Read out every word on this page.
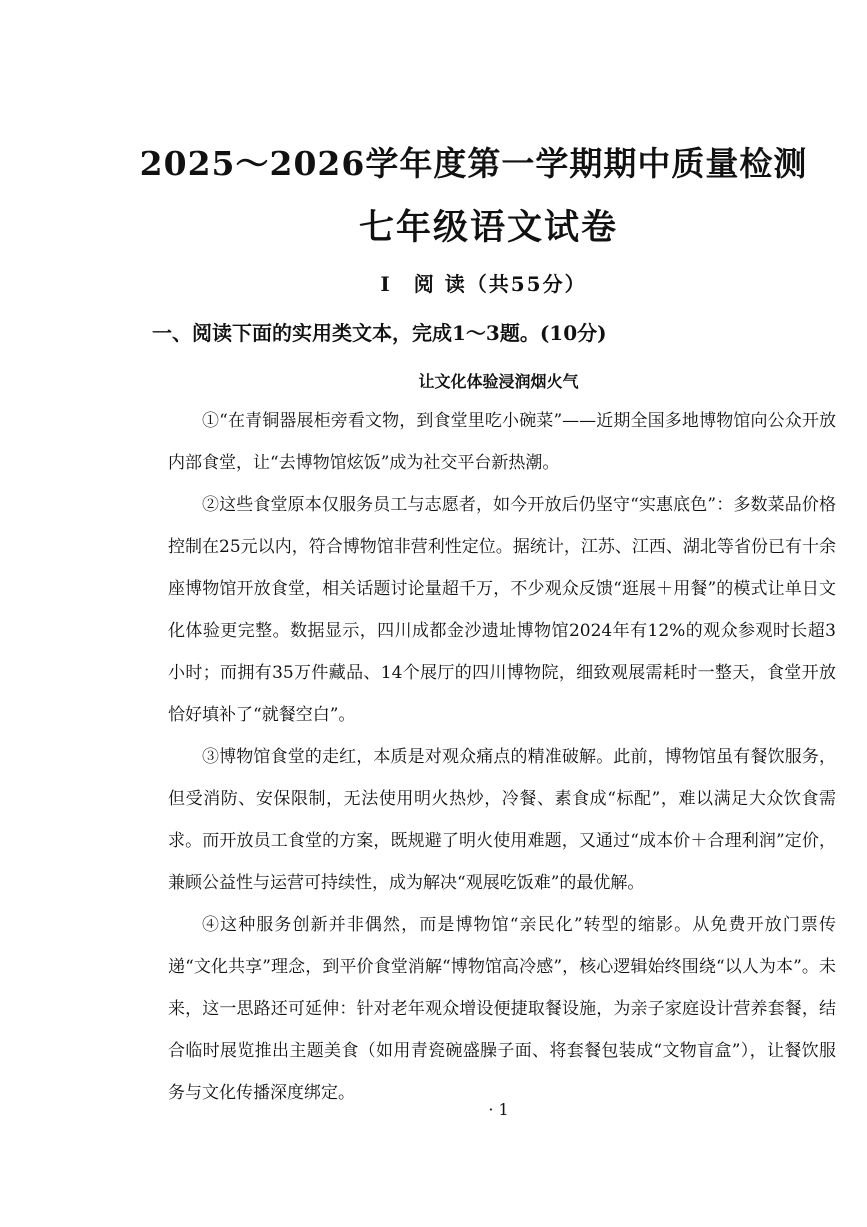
2025～2026学年度第一学期期中质量检测
七年级语文试卷
Ⅰ　阅 读（共55分）
一、阅读下面的实用类文本，完成1～3题。(10分)
让文化体验浸润烟火气

①“在青铜器展柜旁看文物，到食堂里吃小碗菜”——近期全国多地博物馆向公众开放内部食堂，让“去博物馆炫饭”成为社交平台新热潮。

②这些食堂原本仅服务员工与志愿者，如今开放后仍坚守“实惠底色”：多数菜品价格控制在25元以内，符合博物馆非营利性定位。据统计，江苏、江西、湖北等省份已有十余座博物馆开放食堂，相关话题讨论量超千万，不少观众反馈“逛展＋用餐”的模式让单日文化体验更完整。数据显示，四川成都金沙遗址博物馆2024年有12%的观众参观时长超3小时；而拥有35万件藏品、14个展厅的四川博物院，细致观展需耗时一整天，食堂开放恰好填补了“就餐空白”。

③博物馆食堂的走红，本质是对观众痛点的精准破解。此前，博物馆虽有餐饮服务，但受消防、安保限制，无法使用明火热炒，冷餐、素食成“标配”，难以满足大众饮食需求。而开放员工食堂的方案，既规避了明火使用难题，又通过“成本价＋合理利润”定价，兼顾公益性与运营可持续性，成为解决“观展吃饭难”的最优解。

④这种服务创新并非偶然，而是博物馆“亲民化”转型的缩影。从免费开放门票传递“文化共享”理念，到平价食堂消解“博物馆高冷感”，核心逻辑始终围绕“以人为本”。未来，这一思路还可延伸：针对老年观众增设便捷取餐设施，为亲子家庭设计营养套餐，结合临时展览推出主题美食（如用青瓷碗盛臊子面、将套餐包装成“文物盲盒”），让餐饮服务与文化传播深度绑定。

· 1
